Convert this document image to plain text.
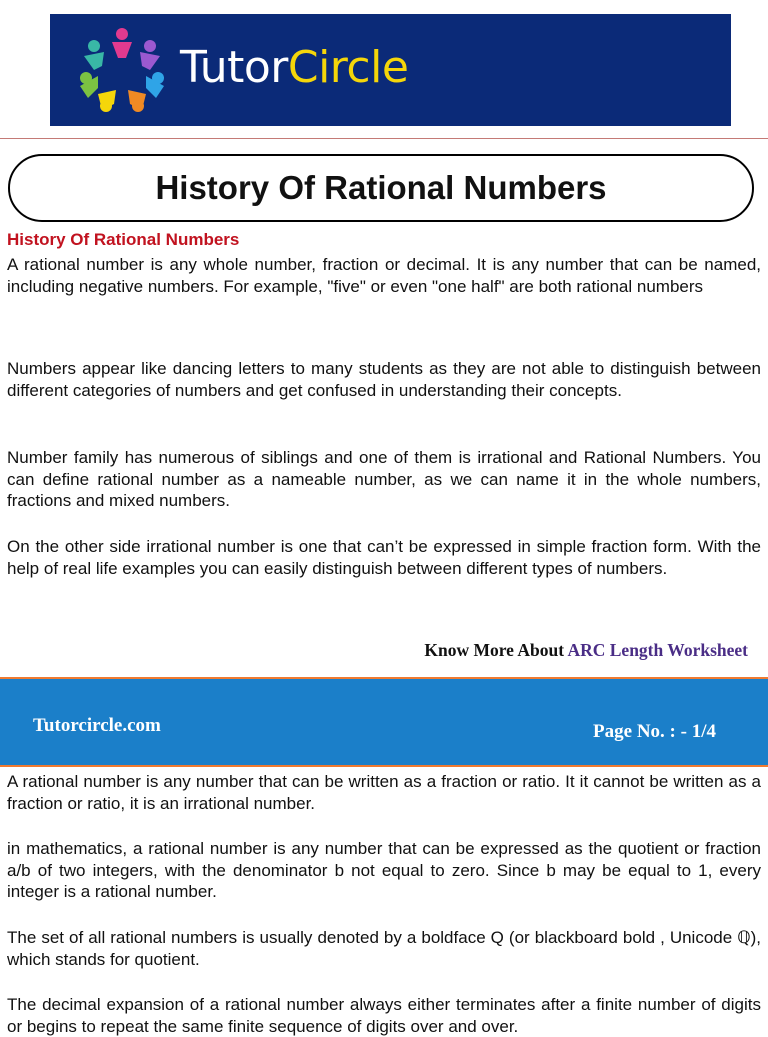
TutorCircle
History Of Rational Numbers
History Of Rational Numbers

A rational number is any whole number, fraction or decimal. It is any number that can be named, including negative numbers. For example, "five" or even "one half" are both rational numbers

Numbers appear like dancing letters to many students as they are not able to distinguish between different categories of numbers and get confused in understanding their concepts.

Number family has numerous of siblings and one of them is irrational and Rational Numbers. You can define rational number as a nameable number, as we can name it in the whole numbers, fractions and mixed numbers.

On the other side irrational number is one that can’t be expressed in simple fraction form. With the help of real life examples you can easily distinguish between different types of numbers.

Know More About ARC Length Worksheet
Tutorcircle.com	Page No. : - 1/4

A rational number is any number that can be written as a fraction or ratio. It it cannot be written as a fraction or ratio, it is an irrational number.

in mathematics, a rational number is any number that can be expressed as the quotient or fraction a/b of two integers, with the denominator b not equal to zero. Since b may be equal to 1, every integer is a rational number.

The set of all rational numbers is usually denoted by a boldface Q (or blackboard bold , Unicode ℚ), which stands for quotient.

The decimal expansion of a rational number always either terminates after a finite number of digits or begins to repeat the same finite sequence of digits over and over.
